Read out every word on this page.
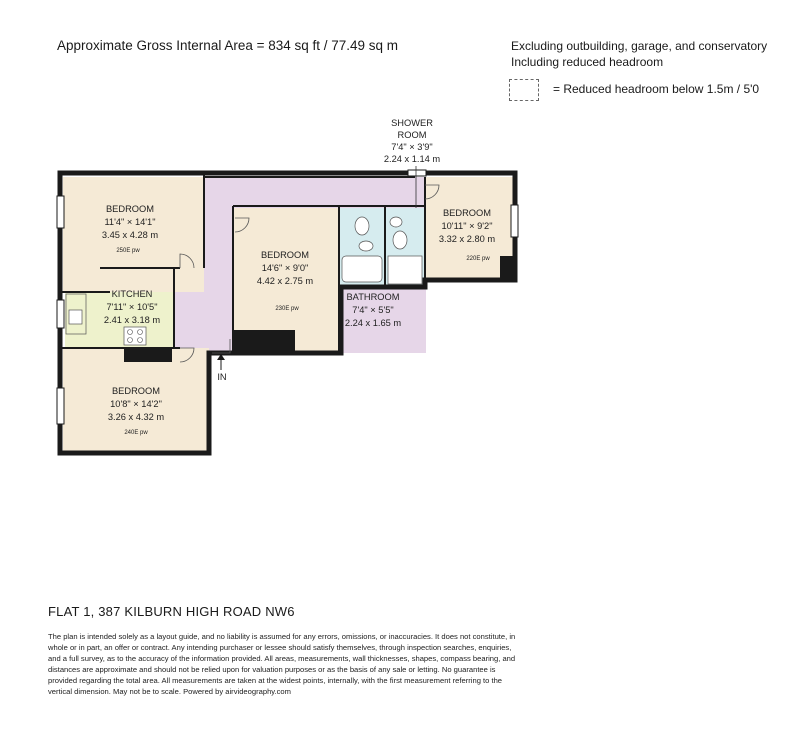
Approximate Gross Internal Area = 834 sq ft / 77.49 sq m	Excluding outbuilding, garage, and conservatory
Including reduced headroom
= Reduced headroom below 1.5m / 5'0
BEDROOM
11'4" × 14'1"
3.45 x 4.28 m
250E pw
KITCHEN
7'11" × 10'5"
2.41 x 3.18 m
BEDROOM
10'8" × 14'2"
3.26 x 4.32 m
240E pw
BEDROOM
14'6" × 9'0"
4.42 x 2.75 m
230E pw
SHOWER
ROOM
7'4" × 3'9"
2.24 x 1.14 m
BATHROOM
7'4" × 5'5"
2.24 x 1.65 m
BEDROOM
10'11" × 9'2"
3.32 x 2.80 m
220E pw
IN
FLAT 1, 387 KILBURN HIGH ROAD NW6
The plan is intended solely as a layout guide, and no liability is assumed for any errors, omissions, or inaccuracies. It does not constitute, in whole or in part, an offer or contract. Any intending purchaser or lessee should satisfy themselves, through inspection searches, enquiries, and a full survey, as to the accuracy of the information provided. All areas, measurements, wall thicknesses, shapes, compass bearing, and distances are approximate and should not be relied upon for valuation purposes or as the basis of any sale or letting. No guarantee is provided regarding the total area. All measurements are taken at the widest points, internally, with the first measurement referring to the vertical dimension. May not be to scale. Powered by airvideography.com
